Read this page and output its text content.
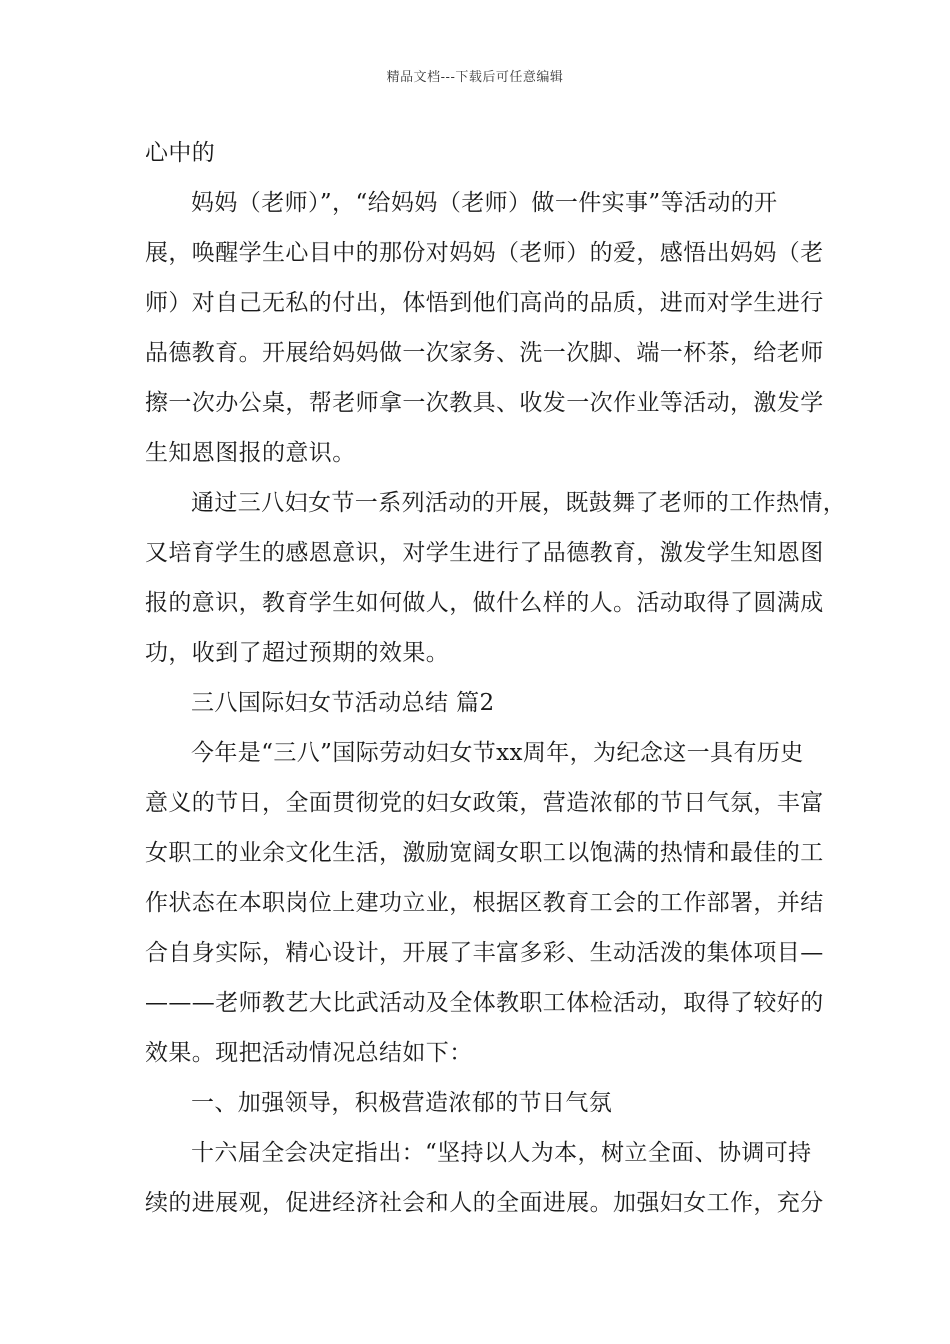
精品文档---下载后可任意编辑
心中的
妈妈（老师）”，“给妈妈（老师）做一件实事”等活动的开
展，唤醒学生心目中的那份对妈妈（老师）的爱，感悟出妈妈（老
师）对自己无私的付出，体悟到他们高尚的品质，进而对学生进行
品德教育。开展给妈妈做一次家务、洗一次脚、端一杯茶，给老师
擦一次办公桌，帮老师拿一次教具、收发一次作业等活动，激发学
生知恩图报的意识。
通过三八妇女节一系列活动的开展，既鼓舞了老师的工作热情，
又培育学生的感恩意识，对学生进行了品德教育，激发学生知恩图
报的意识，教育学生如何做人，做什么样的人。活动取得了圆满成
功，收到了超过预期的效果。
三八国际妇女节活动总结 篇2
今年是“三八”国际劳动妇女节xx周年，为纪念这一具有历史
意义的节日，全面贯彻党的妇女政策，营造浓郁的节日气氛，丰富
女职工的业余文化生活，激励宽阔女职工以饱满的热情和最佳的工
作状态在本职岗位上建功立业，根据区教育工会的工作部署，并结
合自身实际，精心设计，开展了丰富多彩、生动活泼的集体项目—
———老师教艺大比武活动及全体教职工体检活动，取得了较好的
效果。现把活动情况总结如下：
一、加强领导，积极营造浓郁的节日气氛
十六届全会决定指出：“坚持以人为本，树立全面、协调可持
续的进展观，促进经济社会和人的全面进展。加强妇女工作，充分
